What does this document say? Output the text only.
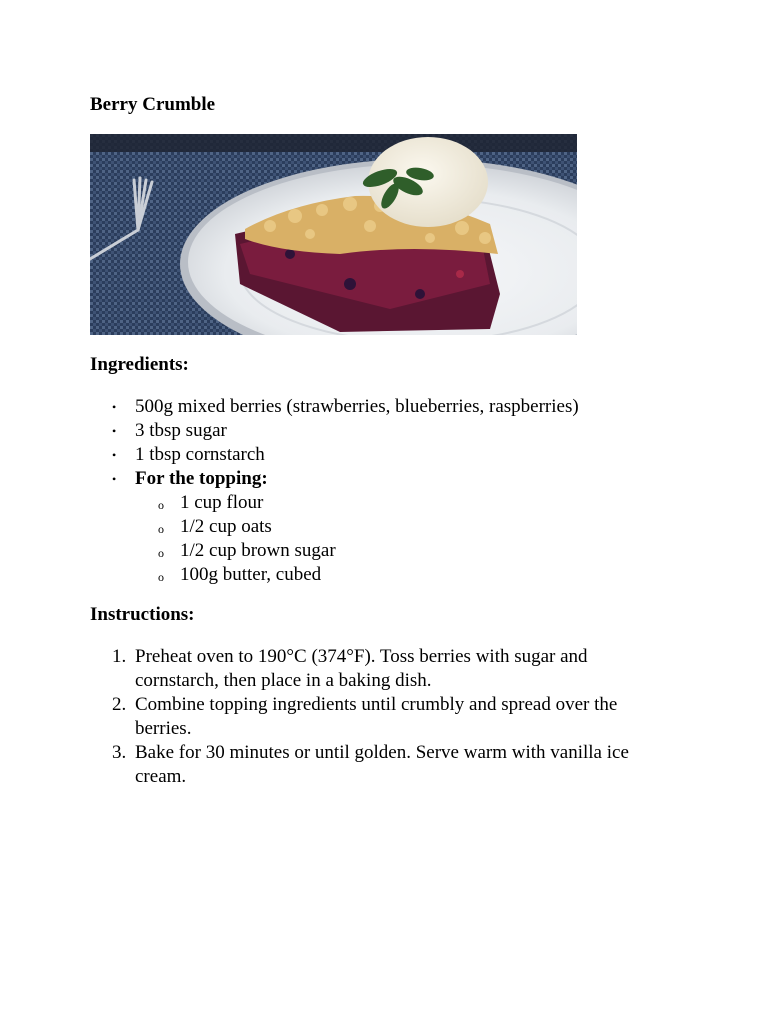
Berry Crumble
Ingredients:
• 500g mixed berries (strawberries, blueberries, raspberries)
• 3 tbsp sugar
• 1 tbsp cornstarch
• For the topping:
o 1 cup flour
o 1/2 cup oats
o 1/2 cup brown sugar
o 100g butter, cubed
Instructions:
1. Preheat oven to 190°C (374°F). Toss berries with sugar and cornstarch, then place in a baking dish.
2. Combine topping ingredients until crumbly and spread over the berries.
3. Bake for 30 minutes or until golden. Serve warm with vanilla ice cream.
